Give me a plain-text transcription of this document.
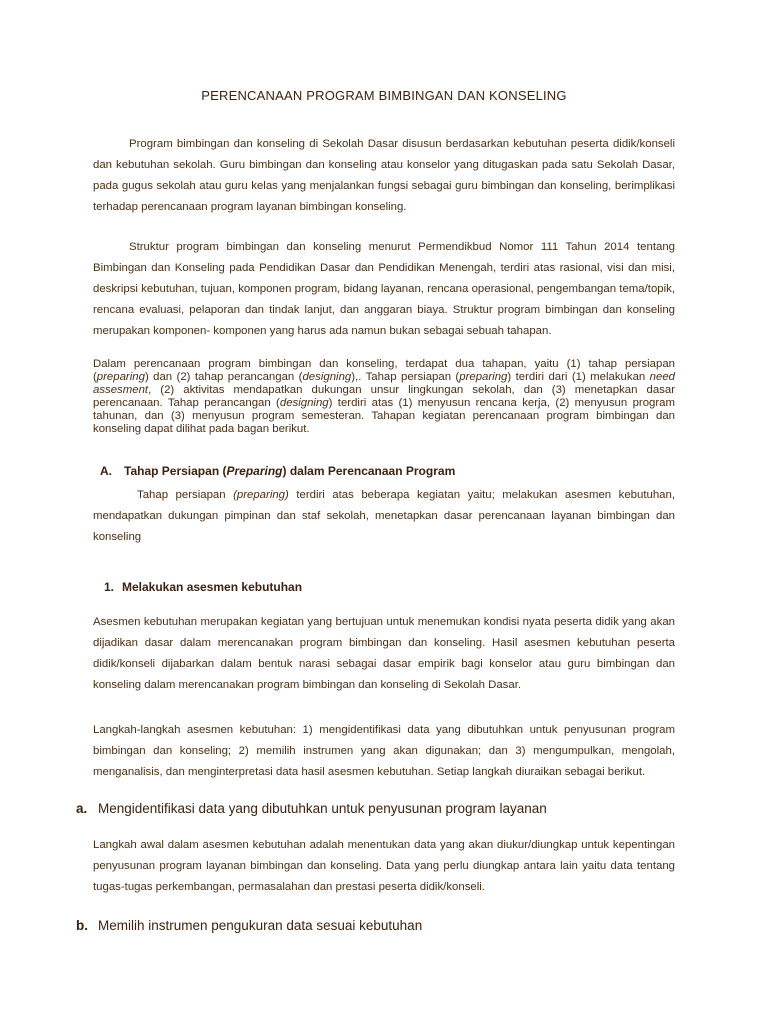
PERENCANAAN PROGRAM BIMBINGAN DAN KONSELING

Program bimbingan dan konseling di Sekolah Dasar disusun berdasarkan kebutuhan peserta didik/konseli dan kebutuhan sekolah. Guru bimbingan dan konseling atau konselor yang ditugaskan pada satu Sekolah Dasar, pada gugus sekolah atau guru kelas yang menjalankan fungsi sebagai guru bimbingan dan konseling, berimplikasi terhadap perencanaan program layanan bimbingan konseling.

Struktur program bimbingan dan konseling menurut Permendikbud Nomor 111 Tahun 2014 tentang Bimbingan dan Konseling pada Pendidikan Dasar dan Pendidikan Menengah, terdiri atas rasional, visi dan misi, deskripsi kebutuhan, tujuan, komponen program, bidang layanan, rencana operasional, pengembangan tema/topik, rencana evaluasi, pelaporan dan tindak lanjut, dan anggaran biaya. Struktur program bimbingan dan konseling merupakan komponen- komponen yang harus ada namun bukan sebagai sebuah tahapan.

Dalam perencanaan program bimbingan dan konseling, terdapat dua tahapan, yaitu (1) tahap persiapan (preparing) dan (2) tahap perancangan (designing),. Tahap persiapan (preparing) terdiri dari (1) melakukan need assesment, (2) aktivitas mendapatkan dukungan unsur lingkungan sekolah, dan (3) menetapkan dasar perencanaan. Tahap perancangan (designing) terdiri atas (1) menyusun rencana kerja, (2) menyusun program tahunan, dan (3) menyusun program semesteran. Tahapan kegiatan perencanaan program bimbingan dan konseling dapat dilihat pada bagan berikut.

A. Tahap Persiapan (Preparing) dalam Perencanaan Program

Tahap persiapan (preparing) terdiri atas beberapa kegiatan yaitu; melakukan asesmen kebutuhan, mendapatkan dukungan pimpinan dan staf sekolah, menetapkan dasar perencanaan layanan bimbingan dan konseling

1. Melakukan asesmen kebutuhan

Asesmen kebutuhan merupakan kegiatan yang bertujuan untuk menemukan kondisi nyata peserta didik yang akan dijadikan dasar dalam merencanakan program bimbingan dan konseling. Hasil asesmen kebutuhan peserta didik/konseli dijabarkan dalam bentuk narasi sebagai dasar empirik bagi konselor atau guru bimbingan dan konseling dalam merencanakan program bimbingan dan konseling di Sekolah Dasar.

Langkah-langkah asesmen kebutuhan: 1) mengidentifikasi data yang dibutuhkan untuk penyusunan program bimbingan dan konseling; 2) memilih instrumen yang akan digunakan; dan 3) mengumpulkan, mengolah, menganalisis, dan menginterpretasi data hasil asesmen kebutuhan. Setiap langkah diuraikan sebagai berikut.

a. Mengidentifikasi data yang dibutuhkan untuk penyusunan program layanan

Langkah awal dalam asesmen kebutuhan adalah menentukan data yang akan diukur/diungkap untuk kepentingan penyusunan program layanan bimbingan dan konseling. Data yang perlu diungkap antara lain yaitu data tentang tugas-tugas perkembangan, permasalahan dan prestasi peserta didik/konseli.

b. Memilih instrumen pengukuran data sesuai kebutuhan
